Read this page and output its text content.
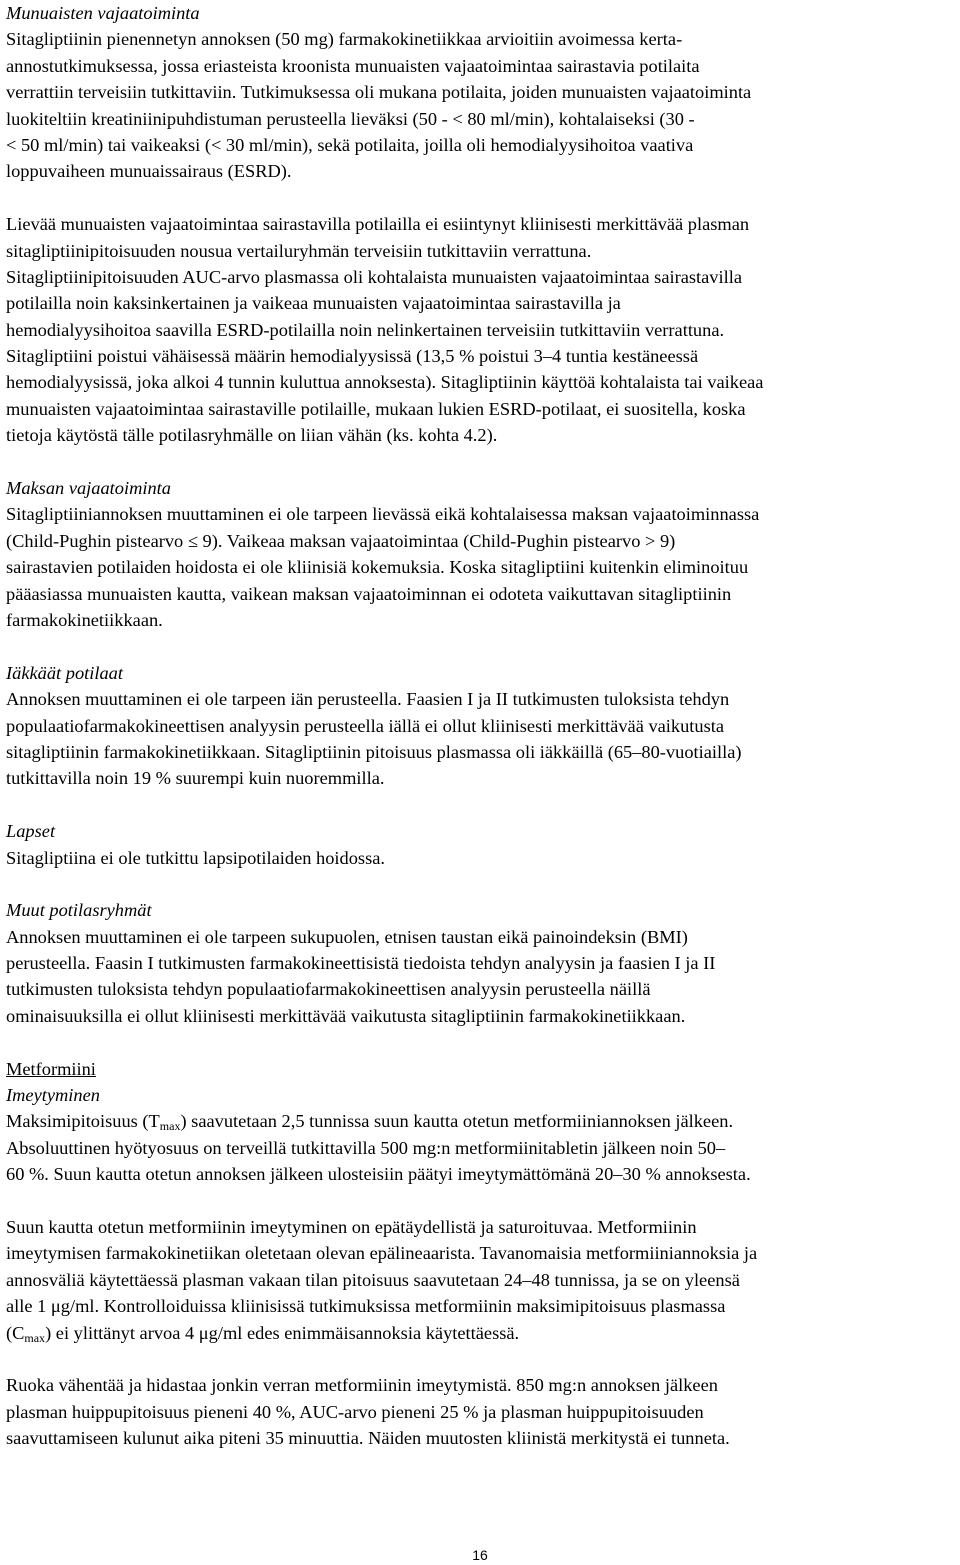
Munuaisten vajaatoiminta
Sitagliptiinin pienennetyn annoksen (50 mg) farmakokinetiikkaa arvioitiin avoimessa kerta-
annostutkimuksessa, jossa eriasteista kroonista munuaisten vajaatoimintaa sairastavia potilaita
verrattiin terveisiin tutkittaviin. Tutkimuksessa oli mukana potilaita, joiden munuaisten vajaatoiminta
luokiteltiin kreatiniinipuhdistuman perusteella lieväksi (50 - < 80 ml/min), kohtalaiseksi (30 -
< 50 ml/min) tai vaikeaksi (< 30 ml/min), sekä potilaita, joilla oli hemodialyysihoitoa vaativa
loppuvaiheen munuaissairaus (ESRD).
Lievää munuaisten vajaatoimintaa sairastavilla potilailla ei esiintynyt kliinisesti merkittävää plasman
sitagliptiinipitoisuuden nousua vertailuryhmän terveisiin tutkittaviin verrattuna.
Sitagliptiinipitoisuuden AUC-arvo plasmassa oli kohtalaista munuaisten vajaatoimintaa sairastavilla
potilailla noin kaksinkertainen ja vaikeaa munuaisten vajaatoimintaa sairastavilla ja
hemodialyysihoitoa saavilla ESRD-potilailla noin nelinkertainen terveisiin tutkittaviin verrattuna.
Sitagliptiini poistui vähäisessä määrin hemodialyysissä (13,5 % poistui 3–4 tuntia kestäneessä
hemodialyysissä, joka alkoi 4 tunnin kuluttua annoksesta). Sitagliptiinin käyttöä kohtalaista tai vaikeaa
munuaisten vajaatoimintaa sairastaville potilaille, mukaan lukien ESRD-potilaat, ei suositella, koska
tietoja käytöstä tälle potilasryhmälle on liian vähän (ks. kohta 4.2).
Maksan vajaatoiminta
Sitagliptiiniannoksen muuttaminen ei ole tarpeen lievässä eikä kohtalaisessa maksan vajaatoiminnassa
(Child-Pughin pistearvo ≤ 9). Vaikeaa maksan vajaatoimintaa (Child-Pughin pistearvo > 9)
sairastavien potilaiden hoidosta ei ole kliinisiä kokemuksia. Koska sitagliptiini kuitenkin eliminoituu
pääasiassa munuaisten kautta, vaikean maksan vajaatoiminnan ei odoteta vaikuttavan sitagliptiinin
farmakokinetiikkaan.
Iäkkäät potilaat
Annoksen muuttaminen ei ole tarpeen iän perusteella. Faasien I ja II tutkimusten tuloksista tehdyn
populaatiofarmakokineettisen analyysin perusteella iällä ei ollut kliinisesti merkittävää vaikutusta
sitagliptiinin farmakokinetiikkaan. Sitagliptiinin pitoisuus plasmassa oli iäkkäillä (65–80-vuotiailla)
tutkittavilla noin 19 % suurempi kuin nuoremmilla.
Lapset
Sitagliptiina ei ole tutkittu lapsipotilaiden hoidossa.
Muut potilasryhmät
Annoksen muuttaminen ei ole tarpeen sukupuolen, etnisen taustan eikä painoindeksin (BMI)
perusteella. Faasin I tutkimusten farmakokineettisistä tiedoista tehdyn analyysin ja faasien I ja II
tutkimusten tuloksista tehdyn populaatiofarmakokineettisen analyysin perusteella näillä
ominaisuuksilla ei ollut kliinisesti merkittävää vaikutusta sitagliptiinin farmakokinetiikkaan.
Metformiini
Imeytyminen
Maksimipitoisuus $(T_{max})$ saavutetaan 2,5 tunnissa suun kautta otetun metformiiniannoksen jälkeen.
Absoluuttinen hyötyosuus on terveillä tutkittavilla 500 mg:n metformiinitabletin jälkeen noin 50–
60 %. Suun kautta otetun annoksen jälkeen ulosteisiin päätyi imeytymättömänä 20–30 % annoksesta.
Suun kautta otetun metformiinin imeytyminen on epätäydellistä ja saturoituvaa. Metformiinin
imeytymisen farmakokinetiikan oletetaan olevan epälineaarista. Tavanomaisia metformiiniannoksia ja
annosväliä käytettäessä plasman vakaan tilan pitoisuus saavutetaan 24–48 tunnissa, ja se on yleensä
alle 1 μg/ml. Kontrolloiduissa kliinisissä tutkimuksissa metformiinin maksimipitoisuus plasmassa
$(C_{max})$ ei ylittänyt arvoa 4 μg/ml edes enimmäisannoksia käytettäessä.
Ruoka vähentää ja hidastaa jonkin verran metformiinin imeytymistä. 850 mg:n annoksen jälkeen
plasman huippupitoisuus pieneni 40 %, AUC-arvo pieneni 25 % ja plasman huippupitoisuuden
saavuttamiseen kulunut aika piteni 35 minuuttia. Näiden muutosten kliinistä merkitystä ei tunneta.
16
